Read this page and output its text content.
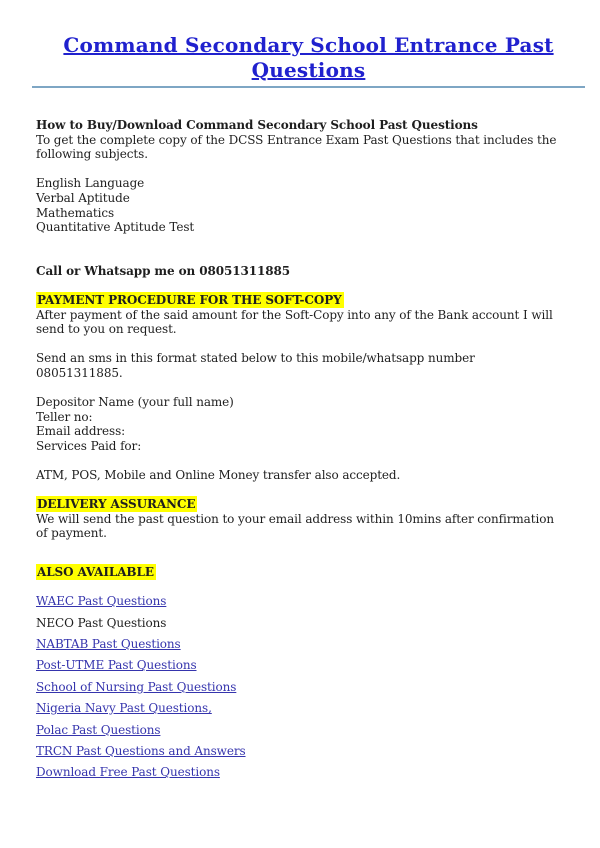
Command Secondary School Entrance Past Questions

How to Buy/Download Command Secondary School Past Questions

To get the complete copy of the DCSS Entrance Exam Past Questions that includes the following subjects.

English Language
Verbal Aptitude
Mathematics
Quantitative Aptitude Test

Call or Whatsapp me on 08051311885

PAYMENT PROCEDURE FOR THE SOFT-COPY

After payment of the said amount for the Soft-Copy into any of the Bank account I will send to you on request.

Send an sms in this format stated below to this mobile/whatsapp number 08051311885.

Depositor Name (your full name)
Teller no:
Email address:
Services Paid for:

ATM, POS, Mobile and Online Money transfer also accepted.

DELIVERY ASSURANCE

We will send the past question to your email address within 10mins after confirmation of payment.

ALSO AVAILABLE

WAEC Past Questions
NECO Past Questions
NABTAB Past Questions
Post-UTME Past Questions
School of Nursing Past Questions
Nigeria Navy Past Questions,
Polac Past Questions
TRCN Past Questions and Answers
Download Free Past Questions
